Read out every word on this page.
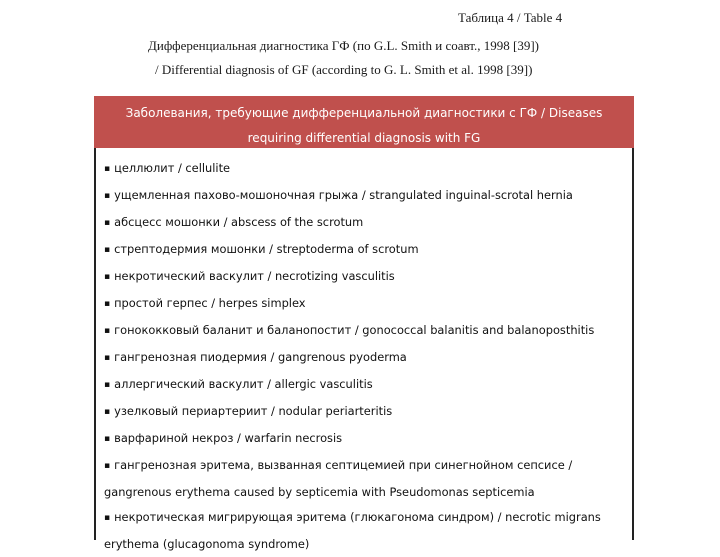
Таблица 4 / Table 4
Дифференциальная диагностика ГФ (по G.L. Smith и соавт., 1998 [39])
/ Differential diagnosis of GF (according to G. L. Smith et al. 1998 [39])
Заболевания, требующие дифференциальной диагностики с ГФ / Diseases requiring differential diagnosis with FG
▪ целлюлит / cellulite
▪ ущемленная пахово-мошоночная грыжа / strangulated inguinal-scrotal hernia
▪ абсцесс мошонки / abscess of the scrotum
▪ стрептодермия мошонки / streptoderma of scrotum
▪ некротический васкулит / necrotizing vasculitis
▪ простой герпес / herpes simplex
▪ гонококковый баланит и баланопостит / gonococcal balanitis and balanoposthitis
▪ гангренозная пиодермия / gangrenous pyoderma
▪ аллергический васкулит / allergic vasculitis
▪ узелковый периартериит / nodular periarteritis
▪ варфариной некроз / warfarin necrosis
▪ гангренозная эритема, вызванная септицемией при синегнойном сепсисе / gangrenous erythema caused by septicemia with Pseudomonas septicemia
▪ некротическая мигрирующая эритема (глюкагонома синдром) / necrotic migrans erythema (glucagonoma syndrome)
